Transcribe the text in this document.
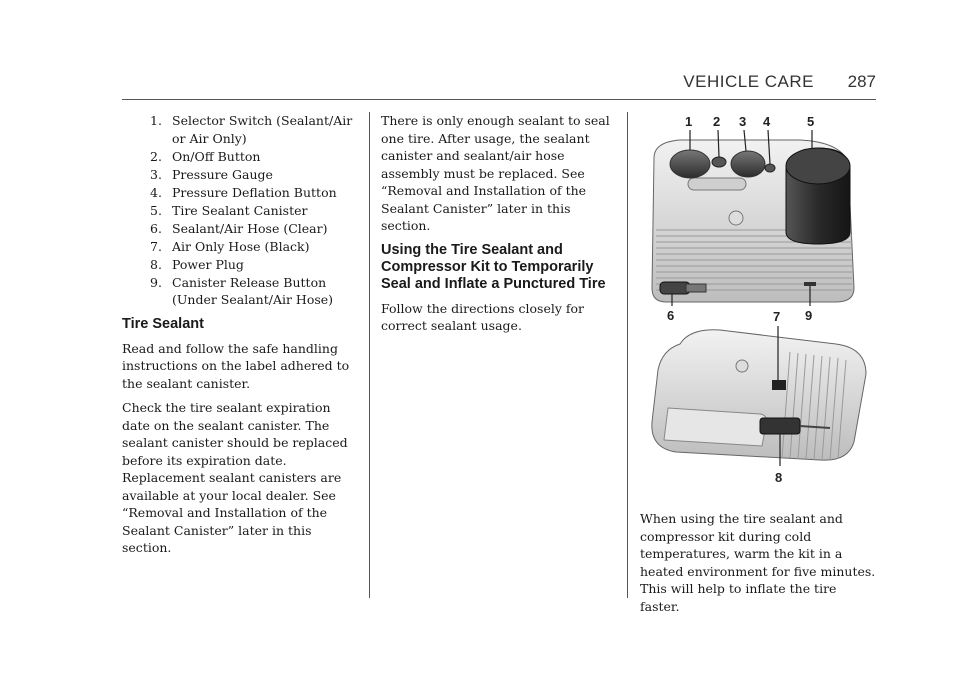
VEHICLE CARE 287
1. Selector Switch (Sealant/Air or Air Only)
2. On/Off Button
3. Pressure Gauge
4. Pressure Deflation Button
5. Tire Sealant Canister
6. Sealant/Air Hose (Clear)
7. Air Only Hose (Black)
8. Power Plug
9. Canister Release Button (Under Sealant/Air Hose)
Tire Sealant

Read and follow the safe handling instructions on the label adhered to the sealant canister.

Check the tire sealant expiration date on the sealant canister. The sealant canister should be replaced before its expiration date. Replacement sealant canisters are available at your local dealer. See “Removal and Installation of the Sealant Canister” later in this section.

There is only enough sealant to seal one tire. After usage, the sealant canister and sealant/air hose assembly must be replaced. See “Removal and Installation of the Sealant Canister” later in this section.

Using the Tire Sealant and Compressor Kit to Temporarily Seal and Inflate a Punctured Tire

Follow the directions closely for correct sealant usage.

1 2 3 4	5
6	9
7
8

When using the tire sealant and compressor kit during cold temperatures, warm the kit in a heated environment for five minutes. This will help to inflate the tire faster.
